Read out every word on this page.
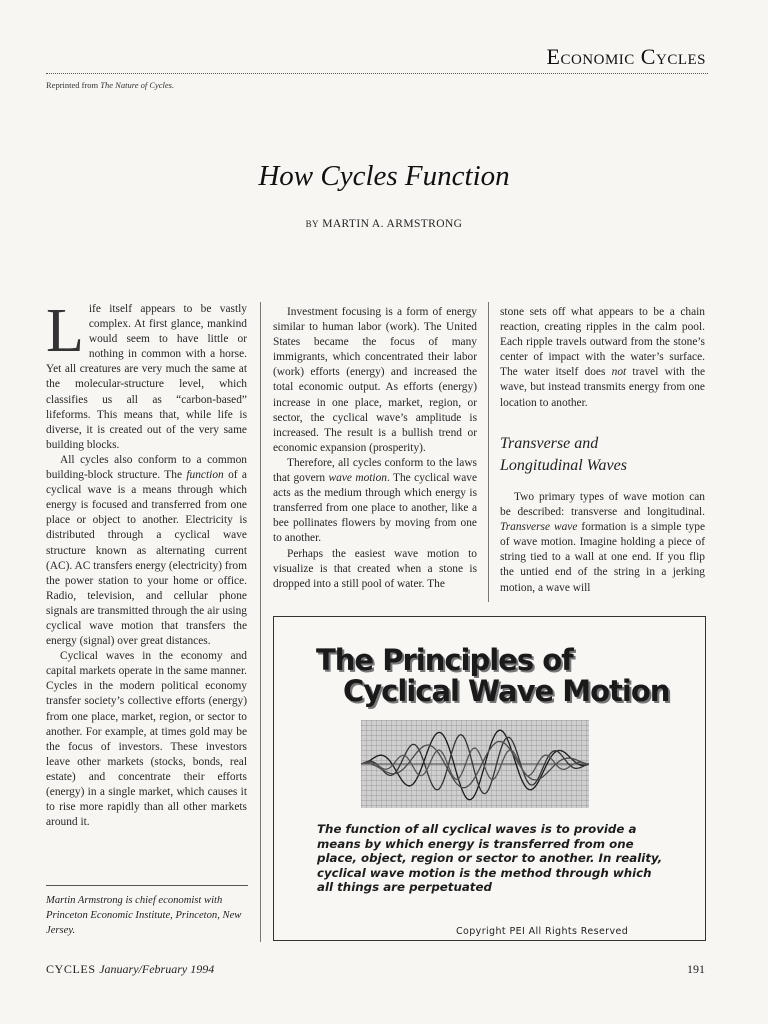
Economic Cycles
Reprinted from The Nature of Cycles.
How Cycles Function
BY MARTIN A. ARMSTRONG

Life itself appears to be vastly complex. At first glance, mankind would seem to have little or nothing in common with a horse. Yet all creatures are very much the same at the molecular-structure level, which classifies us all as “carbon-based” lifeforms. This means that, while life is diverse, it is created out of the very same building blocks.

All cycles also conform to a common building-block structure. The function of a cyclical wave is a means through which energy is focused and transferred from one place or object to another. Electricity is distributed through a cyclical wave structure known as alternating current (AC). AC transfers energy (electricity) from the power station to your home or office. Radio, television, and cellular phone signals are transmitted through the air using cyclical wave motion that transfers the energy (signal) over great distances.

Cyclical waves in the economy and capital markets operate in the same manner. Cycles in the modern political economy transfer society’s collective efforts (energy) from one place, market, region, or sector to another. For example, at times gold may be the focus of investors. These investors leave other markets (stocks, bonds, real estate) and concentrate their efforts (energy) in a single market, which causes it to rise more rapidly than all other markets around it.

Martin Armstrong is chief economist with Princeton Economic Institute, Princeton, New Jersey.

Investment focusing is a form of energy similar to human labor (work). The United States became the focus of many immigrants, which concentrated their labor (work) efforts (energy) and increased the total economic output. As efforts (energy) increase in one place, market, region, or sector, the cyclical wave’s amplitude is increased. The result is a bullish trend or economic expansion (prosperity).

Therefore, all cycles conform to the laws that govern wave motion. The cyclical wave acts as the medium through which energy is transferred from one place to another, like a bee pollinates flowers by moving from one to another.

Perhaps the easiest wave motion to visualize is that created when a stone is dropped into a still pool of water. The

stone sets off what appears to be a chain reaction, creating ripples in the calm pool. Each ripple travels outward from the stone’s center of impact with the water’s surface. The water itself does not travel with the wave, but instead transmits energy from one location to another.

Transverse and
Longitudinal Waves

Two primary types of wave motion can be described: transverse and longitudinal. Transverse wave formation is a simple type of wave motion. Imagine holding a piece of string tied to a wall at one end. If you flip the untied end of the string in a jerking motion, a wave will

The Principles of
Cyclical Wave Motion
The function of all cyclical waves is to provide a means by which energy is transferred from one place, object, region or sector to another. In reality, cyclical wave motion is the method through which all things are perpetuated
Copyright PEI All Rights Reserved
CYCLES January/February 1994	191
